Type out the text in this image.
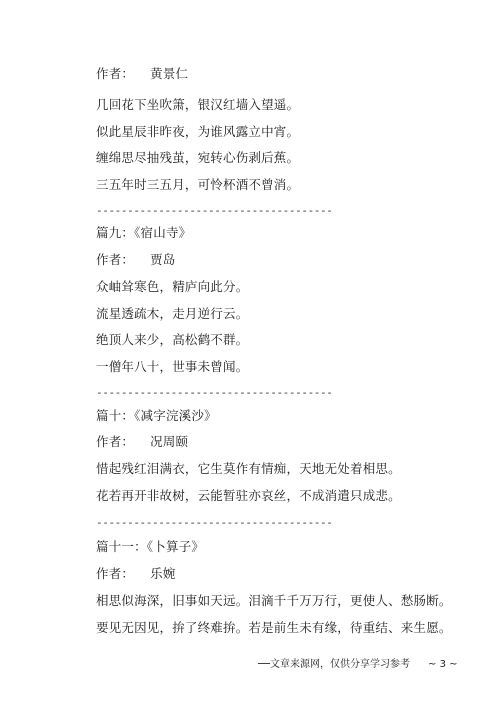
作者： 黄景仁
几回花下坐吹箫，银汉红墙入望遥。
似此星辰非昨夜，为谁风露立中宵。
缠绵思尽抽残茧，宛转心伤剥后蕉。
三五年时三五月，可怜杯酒不曾消。
--------------------------------------
篇九：《宿山寺》
作者： 贾岛
众岫耸寒色，精庐向此分。
流星透疏木，走月逆行云。
绝顶人来少，高松鹤不群。
一僧年八十，世事未曾闻。
--------------------------------------
篇十：《减字浣溪沙》
作者： 况周颐
惜起残红泪满衣，它生莫作有情痴，天地无处着相思。
花若再开非故树，云能暂驻亦哀丝，不成消遣只成悲。
--------------------------------------
篇十一：《卜算子》
作者： 乐婉
相思似海深，旧事如天远。泪滴千千万万行，更使人、愁肠断。
要见无因见，拚了终难拚。若是前生未有缘，待重结、来生愿。
──文章来源网，仅供分享学习参考 ~ 3 ~
